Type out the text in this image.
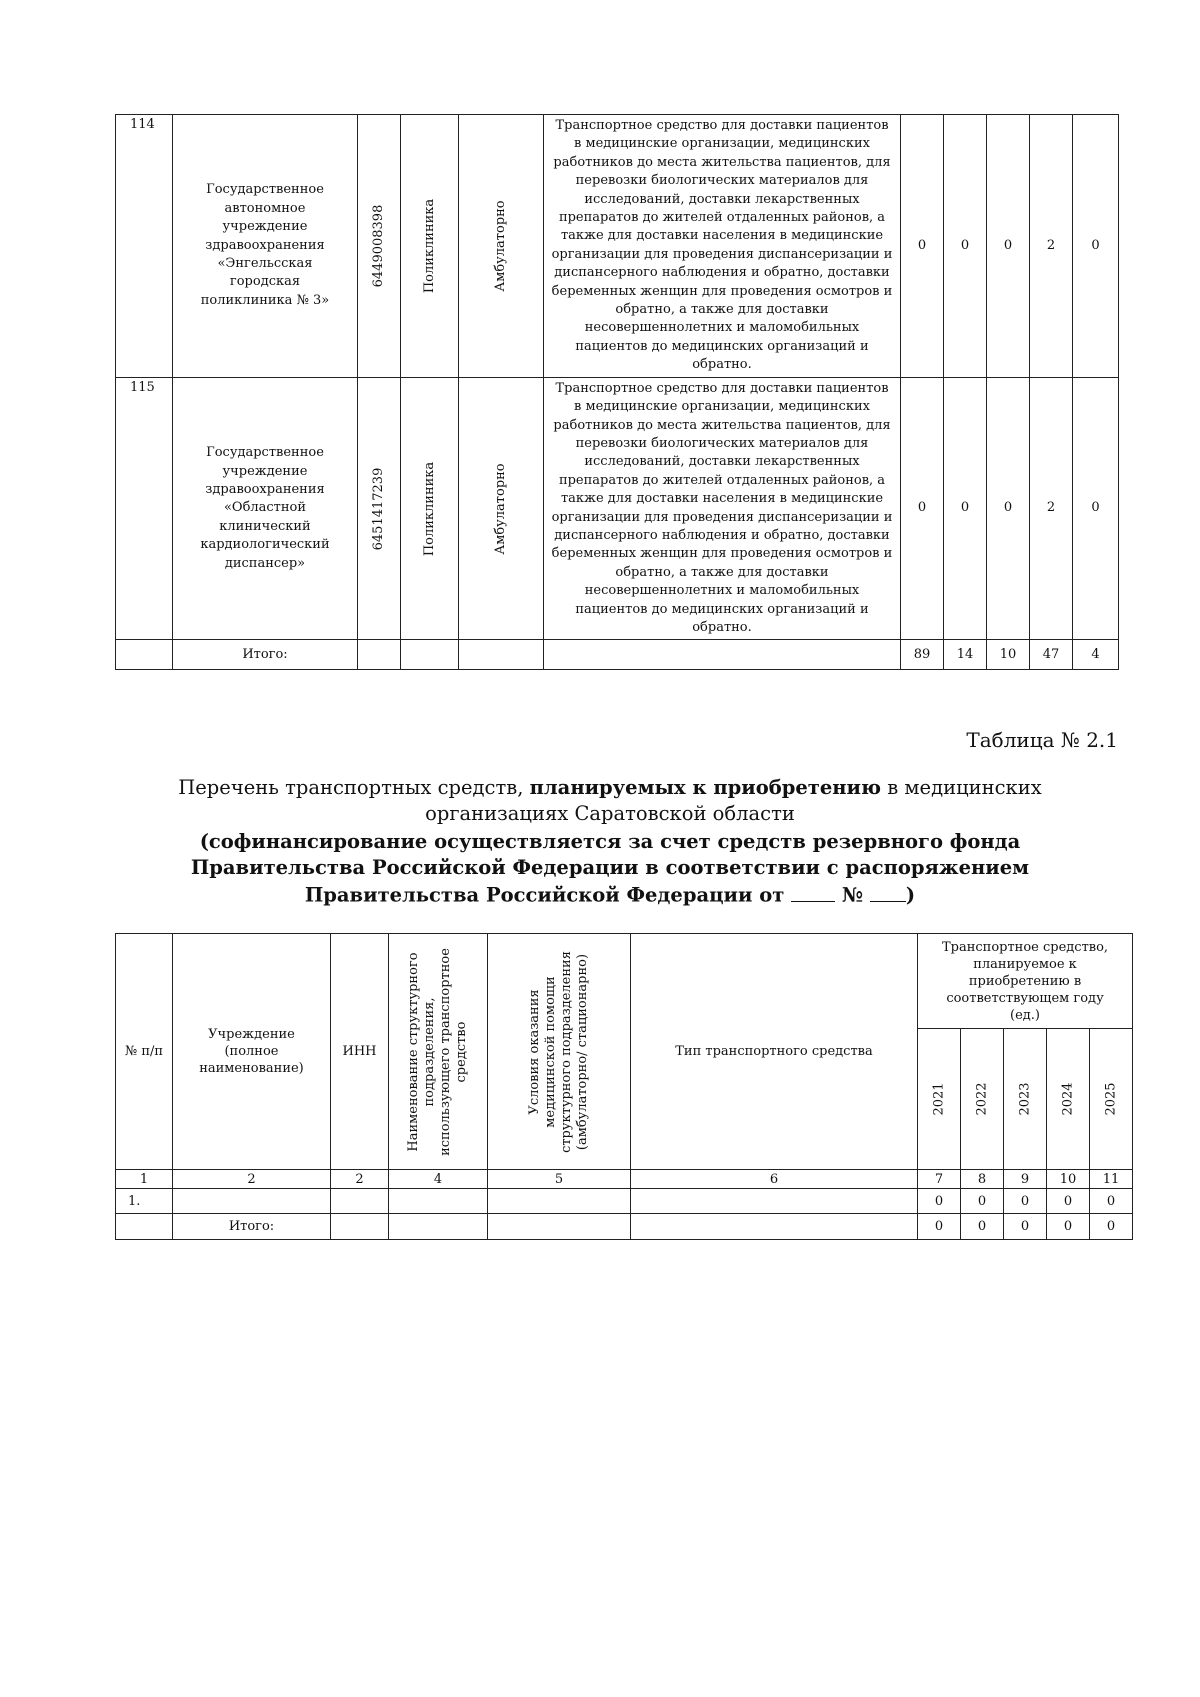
114	Государственное автономное учреждение здравоохранения «Энгельсская городская поликлиника № 3»	6449008398	Поликлиника	Амбулаторно	Транспортное средство для доставки пациентов в медицинские организации, медицинских работников до места жительства пациентов, для перевозки биологических материалов для исследований, доставки лекарственных препаратов до жителей отдаленных районов, а также для доставки населения в медицинские организации для проведения диспансеризации и диспансерного наблюдения и обратно, доставки беременных женщин для проведения осмотров и обратно, а также для доставки несовершеннолетних и маломобильных пациентов до медицинских организаций и обратно.	0	0	0	2	0
115	Государственное учреждение здравоохранения «Областной клинический кардиологический диспансер»	6451417239	Поликлиника	Амбулаторно	Транспортное средство для доставки пациентов в медицинские организации, медицинских работников до места жительства пациентов, для перевозки биологических материалов для исследований, доставки лекарственных препаратов до жителей отдаленных районов, а также для доставки населения в медицинские организации для проведения диспансеризации и диспансерного наблюдения и обратно, доставки беременных женщин для проведения осмотров и обратно, а также для доставки несовершеннолетних и маломобильных пациентов до медицинских организаций и обратно.	0	0	0	2	0
	Итого:					89	14	10	47	4
Таблица № 2.1
Перечень транспортных средств, планируемых к приобретению в медицинских организациях Саратовской области
(софинансирование осуществляется за счет средств резервного фонда Правительства Российской Федерации в соответствии с распоряжением Правительства Российской Федерации от  № )
№ п/п	Учреждение (полное наименование)	ИНН	Наименование структурного подразделения, использующего транспортное средство	Условия оказания медицинской помощи структурного подразделения (амбулаторно/ стационарно)	Тип транспортного средства	Транспортное средство, планируемое к приобретению в соответствующем году (ед.)				

						2021	2022	2023	2024	2025

1	2	2	4	5	6	7	8	9	10	11
1.						0	0	0	0	0
	Итого:					0	0	0	0	0
